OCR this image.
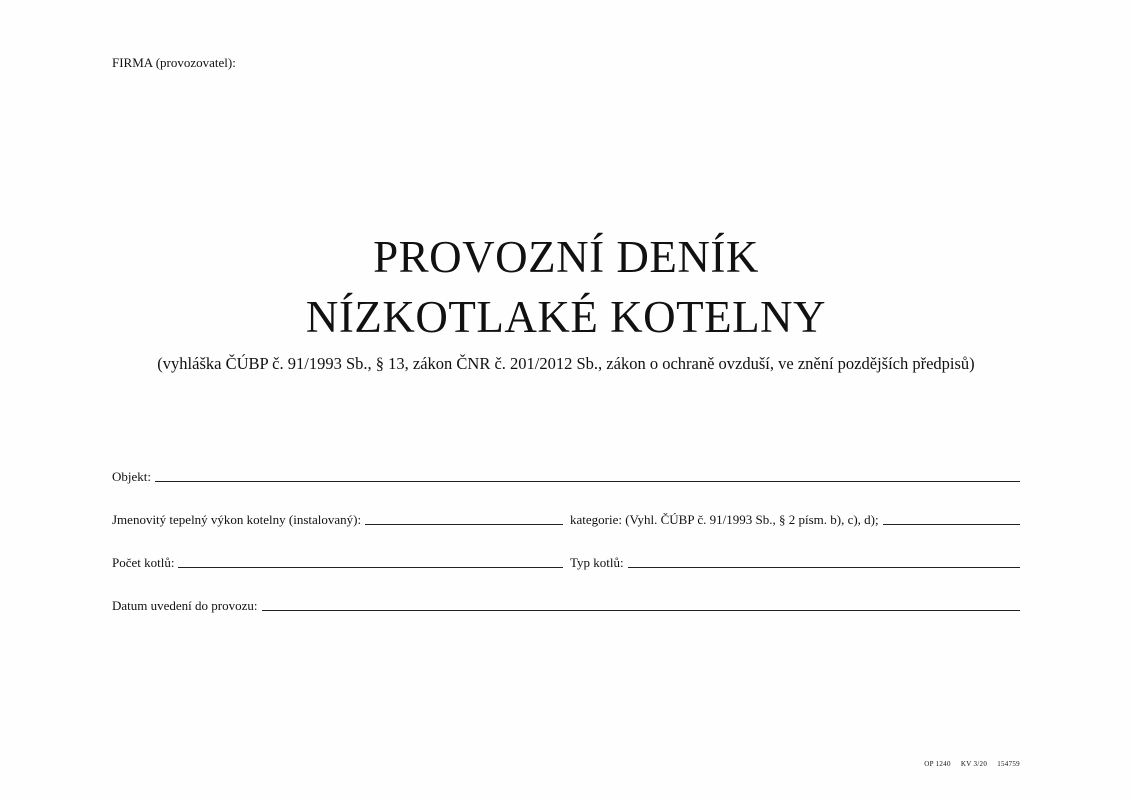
FIRMA (provozovatel):
PROVOZNÍ DENÍK
NÍZKOTLAKÉ KOTELNY
(vyhláška ČÚBP č. 91/1993 Sb., § 13, zákon ČNR č. 201/2012 Sb., zákon o ochraně ovzduší, ve znění pozdějších předpisů)
Objekt:
Jmenovitý tepelný výkon kotelny (instalovaný):	kategorie: (Vyhl. ČÚBP č. 91/1993 Sb., § 2 písm. b), c), d);
Počet kotlů:	Typ kotlů:
Datum uvedení do provozu:
OP 1240 KV 3/20 154759
